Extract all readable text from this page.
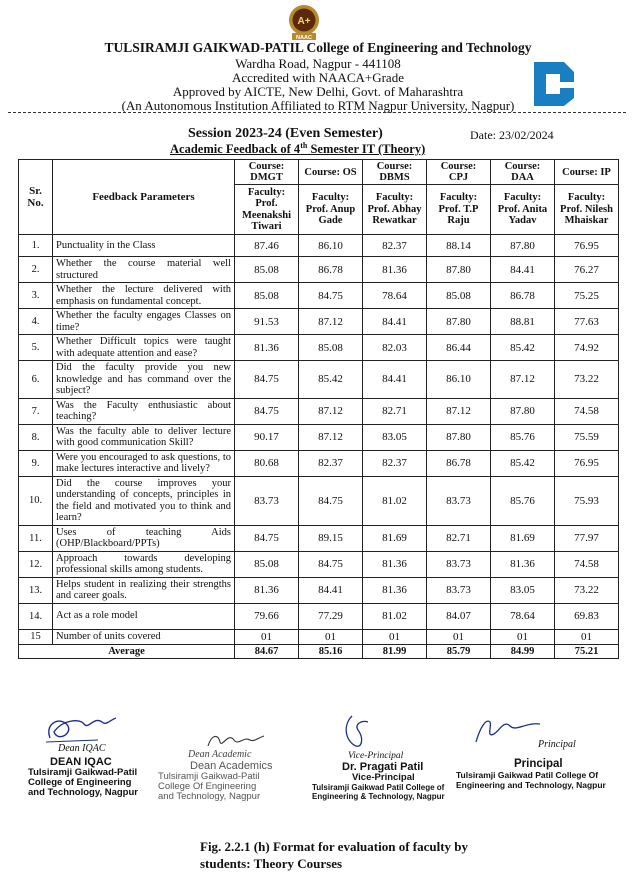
A+
NAAC
TULSIRAMJI GAIKWAD-PATIL College of Engineering and Technology
Wardha Road, Nagpur - 441108
Accredited with NAACA+Grade
Approved by AICTE, New Delhi, Govt. of Maharashtra
(An Autonomous Institution Affiliated to RTM Nagpur University, Nagpur)
Session 2023-24 (Even Semester)	Date: 23/02/2024
Academic Feedback of 4th Semester IT (Theory)
Sr. No.	Feedback Parameters	Course: DMGT	Course: OS	Course: DBMS	Course: CPJ	Course: DAA	Course: IP
		Faculty: Prof. Meenakshi Tiwari	Faculty: Prof. Anup Gade	Faculty: Prof. Abhay Rewatkar	Faculty: Prof. T.P Raju	Faculty: Prof. Anita Yadav	Faculty: Prof. Nilesh Mhaiskar
1.	Punctuality in the Class	87.46	86.10	82.37	88.14	87.80	76.95
2.	Whether the course material well structured	85.08	86.78	81.36	87.80	84.41	76.27
3.	Whether the lecture delivered with emphasis on fundamental concept.	85.08	84.75	78.64	85.08	86.78	75.25
4.	Whether the faculty engages Classes on time?	91.53	87.12	84.41	87.80	88.81	77.63
5.	Whether Difficult topics were taught with adequate attention and ease?	81.36	85.08	82.03	86.44	85.42	74.92
6.	Did the faculty provide you new knowledge and has command over the subject?	84.75	85.42	84.41	86.10	87.12	73.22
7.	Was the Faculty enthusiastic about teaching?	84.75	87.12	82.71	87.12	87.80	74.58
8.	Was the faculty able to deliver lecture with good communication Skill?	90.17	87.12	83.05	87.80	85.76	75.59
9.	Were you encouraged to ask questions, to make lectures interactive and lively?	80.68	82.37	82.37	86.78	85.42	76.95
10.	Did the course improves your understanding of concepts, principles in the field and motivated you to think and learn?	83.73	84.75	81.02	83.73	85.76	75.93
11.	Uses of teaching Aids (OHP/Blackboard/PPTs)	84.75	89.15	81.69	82.71	81.69	77.97
12.	Approach towards developing professional skills among students.	85.08	84.75	81.36	83.73	81.36	74.58
13.	Helps student in realizing their strengths and career goals.	81.36	84.41	81.36	83.73	83.05	73.22
14.	Act as a role model	79.66	77.29	81.02	84.07	78.64	69.83
15	Number of units covered	01	01	01	01	01	01
Average		84.67	85.16	81.99	85.79	84.99	75.21
Dean IQAC
DEAN IQAC
Tulsiramji Gaikwad-Patil
College of Engineering
and Technology, Nagpur
Dean Academic
Dean Academics
Tulsiramji Gaikwad-Patil
College Of Engineering
and Technology, Nagpur
Vice-Principal
Dr. Pragati Patil
Vice-Principal
Tulsiramji Gaikwad Patil College of
Engineering & Technology, Nagpur
Principal
Principal
Tulsiramji Gaikwad Patil College Of
Engineering and Technology, Nagpur
Fig. 2.2.1 (h) Format for evaluation of faculty by
students: Theory Courses
